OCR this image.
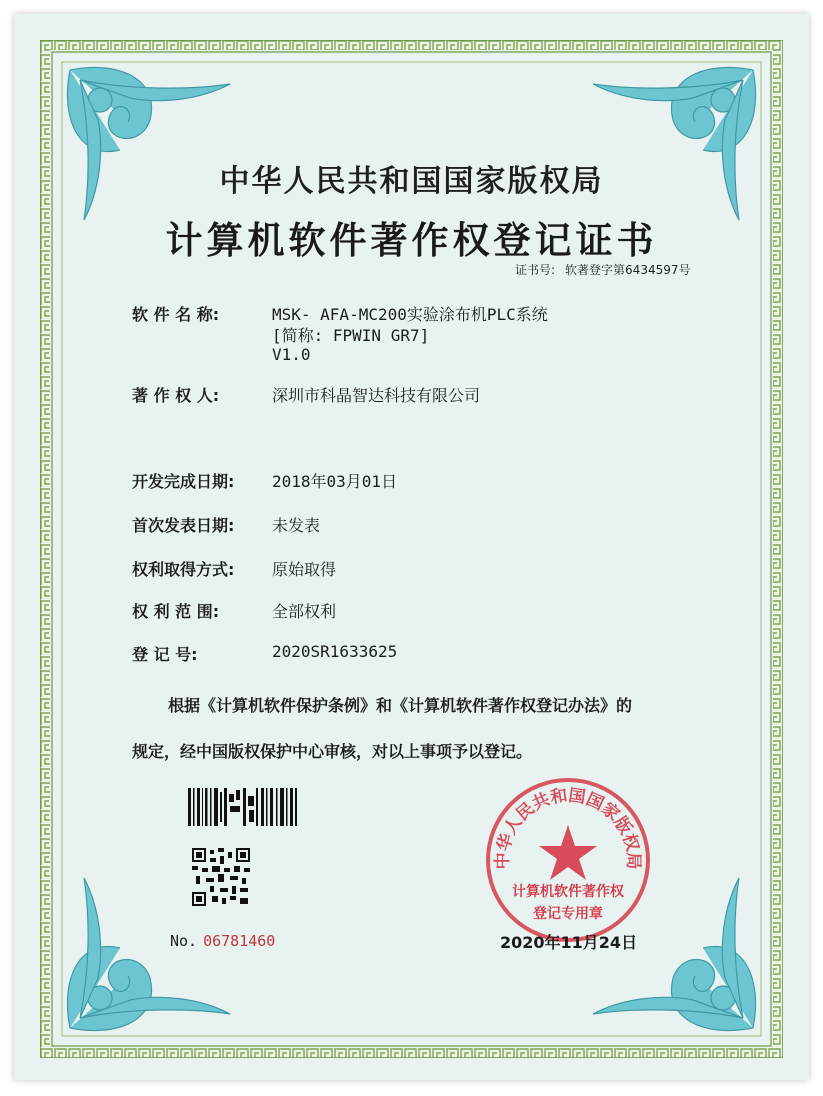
中华人民共和国国家版权局
计算机软件著作权登记证书
证书号: 软著登字第6434597号
软 件 名 称:	MSK- AFA-MC200实验涂布机PLC系统
[简称: FPWIN GR7]
V1.0
著 作 权 人:	深圳市科晶智达科技有限公司
开发完成日期: 2018年03月01日
首次发表日期: 未发表
权利取得方式: 原始取得
权 利 范 围:	全部权利
登 记 号:	2020SR1633625
根据《计算机软件保护条例》和《计算机软件著作权登记办法》的
规定，经中国版权保护中心审核，对以上事项予以登记。
No. 06781460
中华人民共和国国家版权局
计算机软件著作权
登记专用章
2020年11月24日
